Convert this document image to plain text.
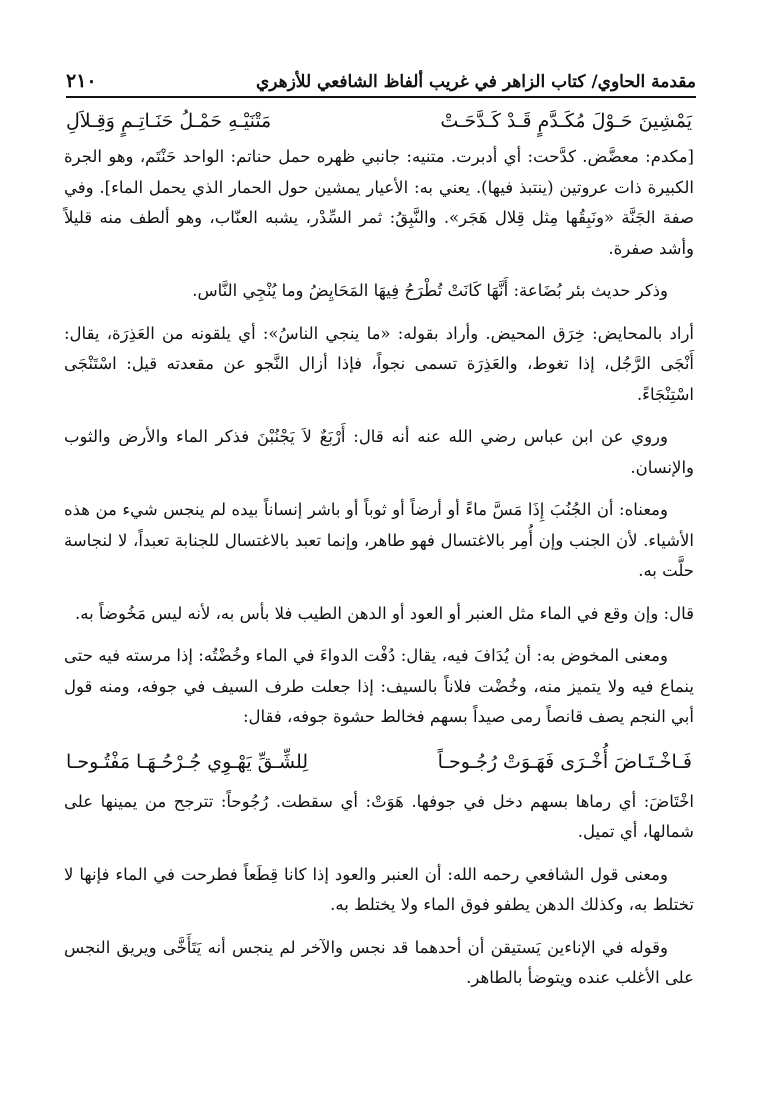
مقدمة الحاوي/ كتاب الزاهر في غريب ألفاظ الشافعي للأزهري
٢١٠
يَمْشِينَ حَـوْلَ مُكَـدَّمٍ قَـدْ كَـدَّحَـتْ
مَتْنَيْـهِ حَمْـلُ حَنَـاتِـمٍ وَقِـلاَلِ

[مكدم: معضَّض. كدَّحت: أي أدبرت. متنيه: جانبي ظهره حمل حناتم: الواحد حَنْتَم، وهو الجرة الكبيرة ذات عروتين (ينتبذ فيها). يعني به: الأعيار يمشين حول الحمار الذي يحمل الماء]. وفي صفة الجَنَّة «ونَبِقُها مِثل قِلال هَجَر». والنَّبِقُ: ثمر السِّدْر، يشبه العنّاب، وهو ألطف منه قليلاً وأشد صفرة.

وذكر حديث بئر بُضَاعة: أَنَّهَا كَانَتْ تُطْرَحُ فِيهَا المَحَايِضُ وما يُنْجِي النَّاس.

أراد بالمحايض: خِرَق المحيض. وأراد بقوله: «ما ينجي الناسُ»: أي يلقونه من العَذِرَة، يقال: أَنْجَى الرَّجُل، إذا تغوط، والعَذِرَة تسمى نجواً، فإذا أزال النَّجو عن مقعدته قيل: اسْتَنْجَى اسْتِنْجَاءً.

وروي عن ابن عباس رضي الله عنه أنه قال: أَرْبَعٌ لاَ يَجْنُبْنَ فذكر الماء والأرض والثوب والإنسان.

ومعناه: أن الجُنُبَ إِذَا مَسَّ ماءً أو أرضاً أو ثوباً أو باشر إنساناً بيده لم ينجس شيء من هذه الأشياء. لأن الجنب وإن أُمِر بالاغتسال فهو طاهر، وإنما تعبد بالاغتسال للجنابة تعبداً، لا لنجاسة حلَّت به.

قال: وإن وقع في الماء مثل العنبر أو العود أو الدهن الطيب فلا بأس به، لأنه ليس مَخُوضاً به.

ومعنى المخوض به: أن يُدَافَ فيه، يقال: دُفْت الدواءَ في الماء وخُضْتُه: إذا مرسته فيه حتى ينماع فيه ولا يتميز منه، وخُضْت فلاناً بالسيف: إذا جعلت طرف السيف في جوفه، ومنه قول أبي النجم يصف قانصاً رمى صيداً بسهم فخالط حشوة جوفه، فقال:

فَـاخْـتَـاضَ أُخْـرَى فَهَـوَتْ رُجُـوحـاً
لِلشِّـقِّ يَهْـوِي جُـرْحُـهَـا مَفْتُـوحـا

اخْتَاضَ: أي رماها بسهم دخل في جوفها. هَوَتْ: أي سقطت. رُجُوحاً: تترجح من يمينها على شمالها، أي تميل.

ومعنى قول الشافعي رحمه الله: أن العنبر والعود إذا كانا قِطَعاً فطرحت في الماء فإنها لا تختلط به، وكذلك الدهن يطفو فوق الماء ولا يختلط به.

وقوله في الإناءين يَستيقن أن أحدهما قد نجس والآخر لم ينجس أنه يَتَأَخَّى ويريق النجس على الأغلب عنده ويتوضأ بالطاهر.
